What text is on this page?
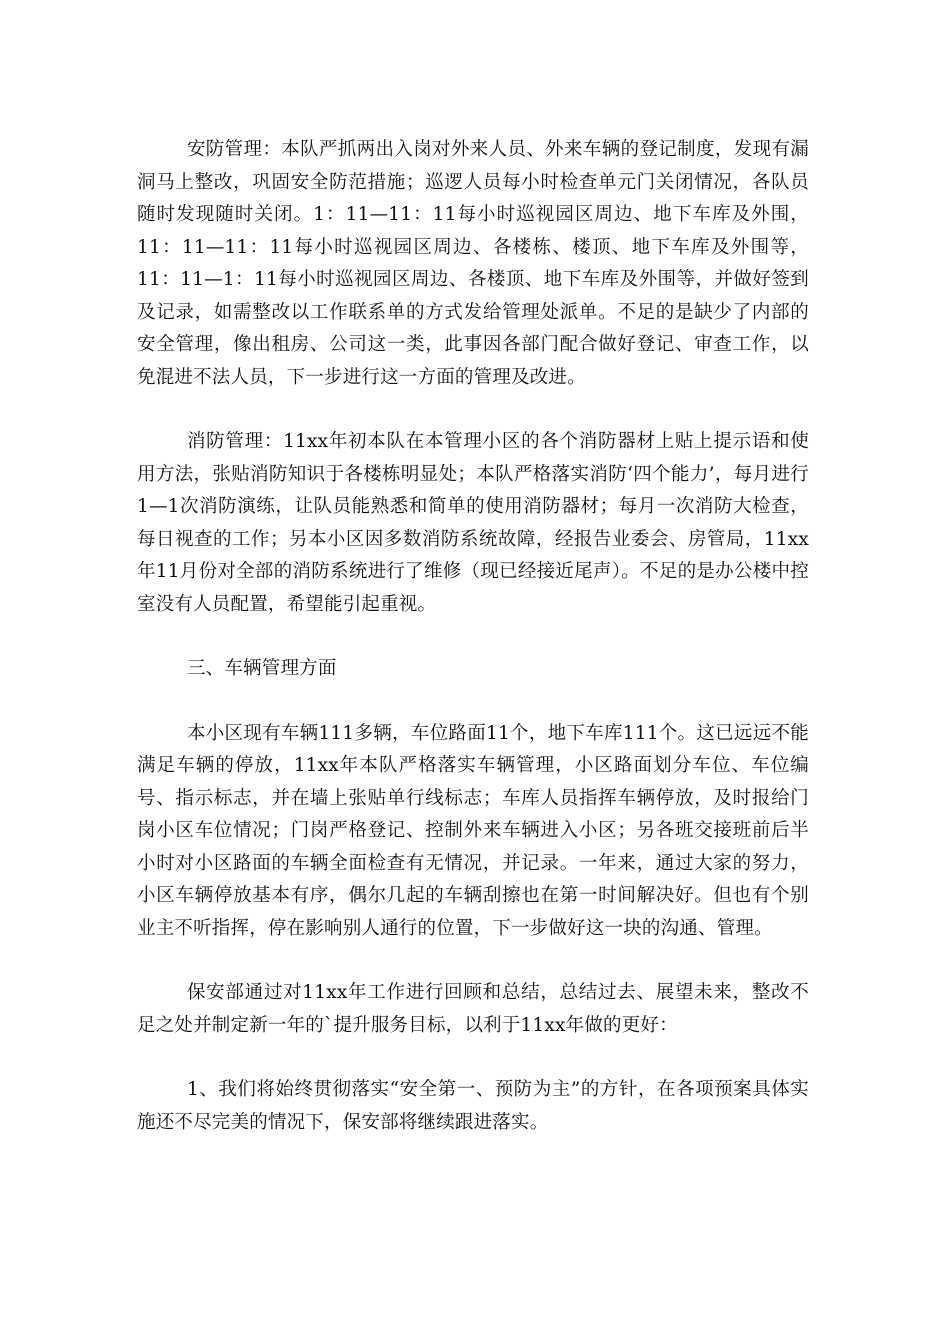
安防管理：本队严抓两出入岗对外来人员、外来车辆的登记制度，发现有漏洞马上整改，巩固安全防范措施；巡逻人员每小时检查单元门关闭情况，各队员随时发现随时关闭。1：11—11：11每小时巡视园区周边、地下车库及外围，11：11—11：11每小时巡视园区周边、各楼栋、楼顶、地下车库及外围等，11：11—1：11每小时巡视园区周边、各楼顶、地下车库及外围等，并做好签到及记录，如需整改以工作联系单的方式发给管理处派单。不足的是缺少了内部的安全管理，像出租房、公司这一类，此事因各部门配合做好登记、审查工作，以免混进不法人员，下一步进行这一方面的管理及改进。

消防管理：11xx年初本队在本管理小区的各个消防器材上贴上提示语和使用方法，张贴消防知识于各楼栋明显处；本队严格落实消防‘四个能力’，每月进行1—1次消防演练，让队员能熟悉和简单的使用消防器材；每月一次消防大检查，每日视查的工作；另本小区因多数消防系统故障，经报告业委会、房管局，11xx年11月份对全部的消防系统进行了维修（现已经接近尾声）。不足的是办公楼中控室没有人员配置，希望能引起重视。

三、车辆管理方面

本小区现有车辆111多辆，车位路面11个，地下车库111个。这已远远不能满足车辆的停放，11xx年本队严格落实车辆管理，小区路面划分车位、车位编号、指示标志，并在墙上张贴单行线标志；车库人员指挥车辆停放，及时报给门岗小区车位情况；门岗严格登记、控制外来车辆进入小区；另各班交接班前后半小时对小区路面的车辆全面检查有无情况，并记录。一年来，通过大家的努力，小区车辆停放基本有序，偶尔几起的车辆刮擦也在第一时间解决好。但也有个别业主不听指挥，停在影响别人通行的位置，下一步做好这一块的沟通、管理。

保安部通过对11xx年工作进行回顾和总结，总结过去、展望未来，整改不足之处并制定新一年的`提升服务目标，以利于11xx年做的更好：

1、我们将始终贯彻落实“安全第一、预防为主”的方针，在各项预案具体实施还不尽完美的情况下，保安部将继续跟进落实。
